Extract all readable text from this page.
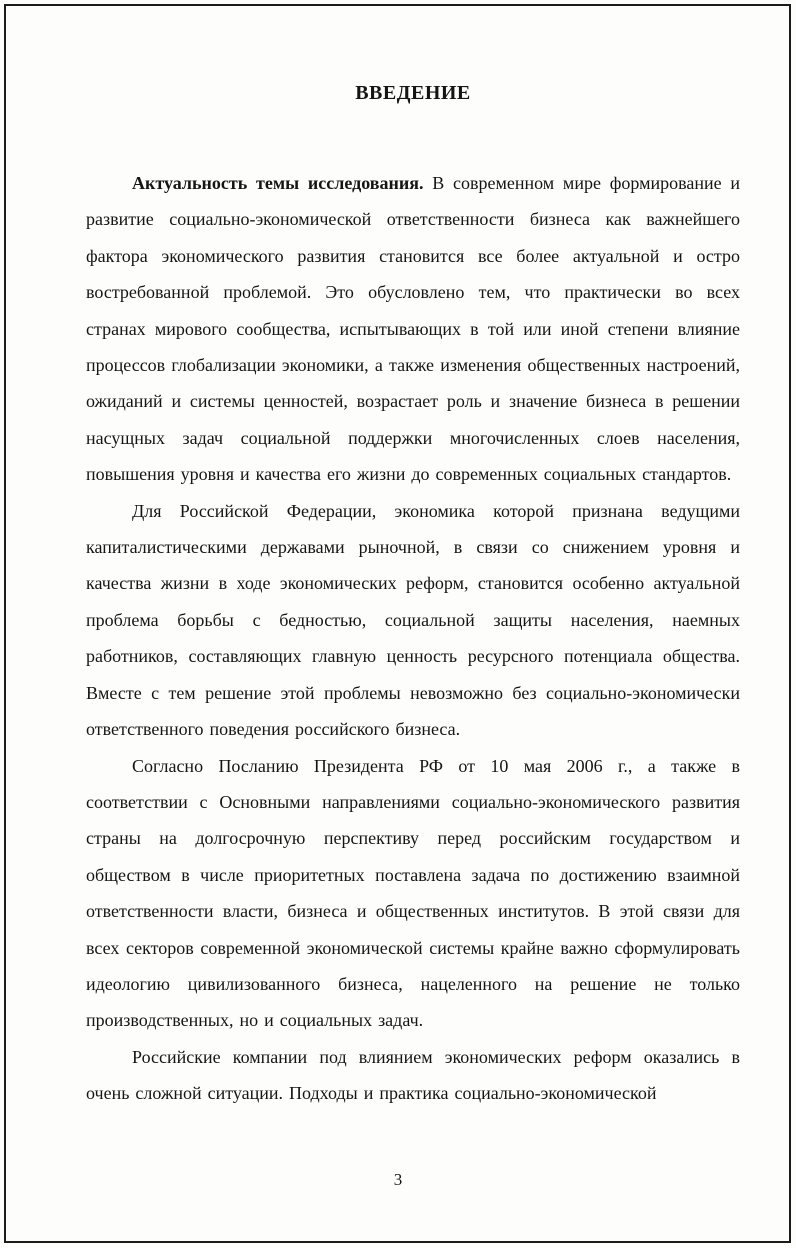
ВВЕДЕНИЕ

Актуальность темы исследования. В современном мире формирование и развитие социально-экономической ответственности бизнеса как важнейшего фактора экономического развития становится все более актуальной и остро востребованной проблемой. Это обусловлено тем, что практически во всех странах мирового сообщества, испытывающих в той или иной степени влияние процессов глобализации экономики, а также изменения общественных настроений, ожиданий и системы ценностей, возрастает роль и значение бизнеса в решении насущных задач социальной поддержки многочисленных слоев населения, повышения уровня и качества его жизни до современных социальных стандартов.

Для Российской Федерации, экономика которой признана ведущими капиталистическими державами рыночной, в связи со снижением уровня и качества жизни в ходе экономических реформ, становится особенно актуальной проблема борьбы с бедностью, социальной защиты населения, наемных работников, составляющих главную ценность ресурсного потенциала общества. Вместе с тем решение этой проблемы невозможно без социально-экономически ответственного поведения российского бизнеса.

Согласно Посланию Президента РФ от 10 мая 2006 г., а также в соответствии с Основными направлениями социально-экономического развития страны на долгосрочную перспективу перед российским государством и обществом в числе приоритетных поставлена задача по достижению взаимной ответственности власти, бизнеса и общественных институтов. В этой связи для всех секторов современной экономической системы крайне важно сформулировать идеологию цивилизованного бизнеса, нацеленного на решение не только производственных, но и социальных задач.

Российские компании под влиянием экономических реформ оказались в очень сложной ситуации. Подходы и практика социально-экономической

3
